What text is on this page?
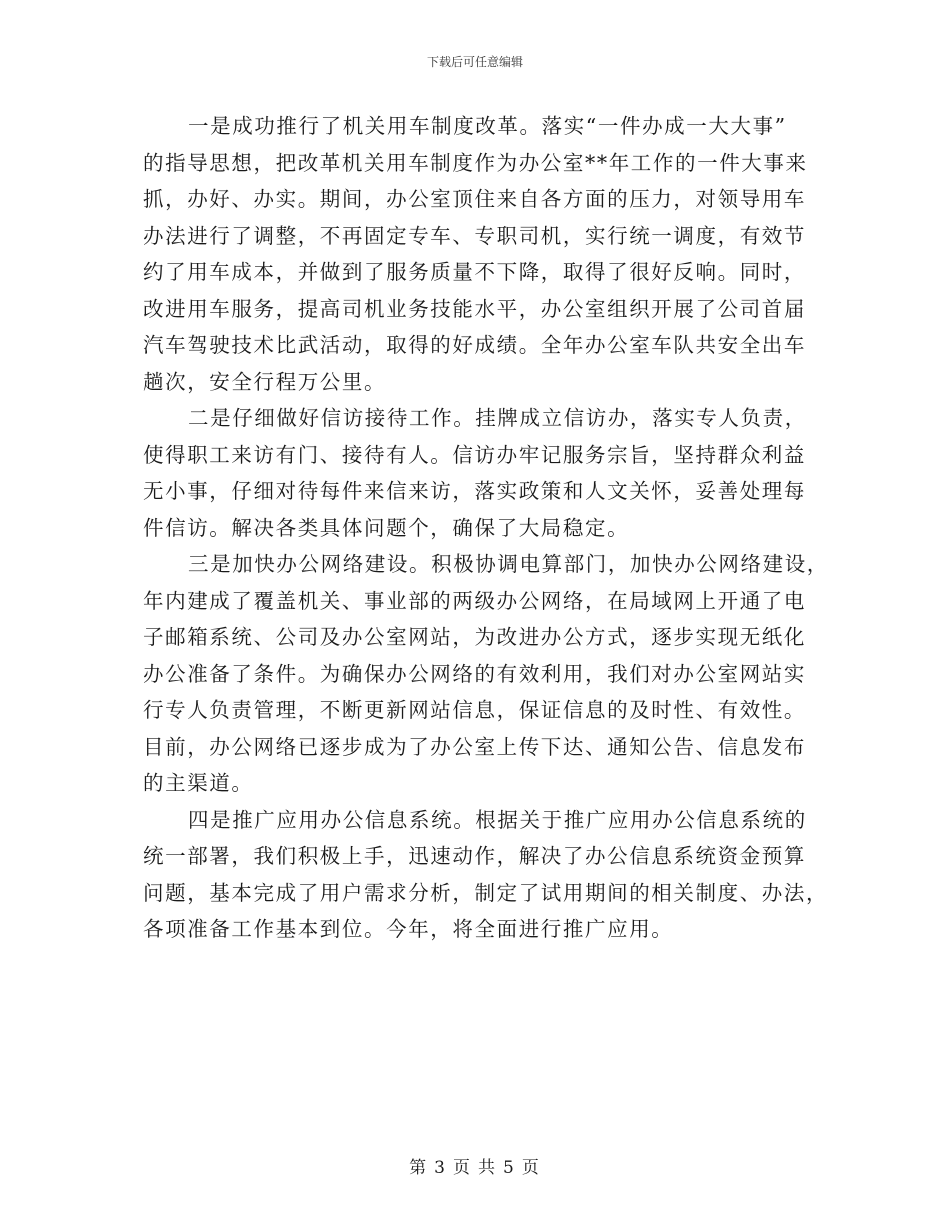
下载后可任意编辑
一是成功推行了机关用车制度改革。落实“一件办成一大大事”
的指导思想，把改革机关用车制度作为办公室**年工作的一件大事来
抓，办好、办实。期间，办公室顶住来自各方面的压力，对领导用车
办法进行了调整，不再固定专车、专职司机，实行统一调度，有效节
约了用车成本，并做到了服务质量不下降，取得了很好反响。同时，
改进用车服务，提高司机业务技能水平，办公室组织开展了公司首届
汽车驾驶技术比武活动，取得的好成绩。全年办公室车队共安全出车
趟次，安全行程万公里。
二是仔细做好信访接待工作。挂牌成立信访办，落实专人负责，
使得职工来访有门、接待有人。信访办牢记服务宗旨，坚持群众利益
无小事，仔细对待每件来信来访，落实政策和人文关怀，妥善处理每
件信访。解决各类具体问题个，确保了大局稳定。
三是加快办公网络建设。积极协调电算部门，加快办公网络建设，
年内建成了覆盖机关、事业部的两级办公网络，在局域网上开通了电
子邮箱系统、公司及办公室网站，为改进办公方式，逐步实现无纸化
办公准备了条件。为确保办公网络的有效利用，我们对办公室网站实
行专人负责管理，不断更新网站信息，保证信息的及时性、有效性。
目前，办公网络已逐步成为了办公室上传下达、通知公告、信息发布
的主渠道。
四是推广应用办公信息系统。根据关于推广应用办公信息系统的
统一部署，我们积极上手，迅速动作，解决了办公信息系统资金预算
问题，基本完成了用户需求分析，制定了试用期间的相关制度、办法，
各项准备工作基本到位。今年，将全面进行推广应用。
第 3 页 共 5 页
